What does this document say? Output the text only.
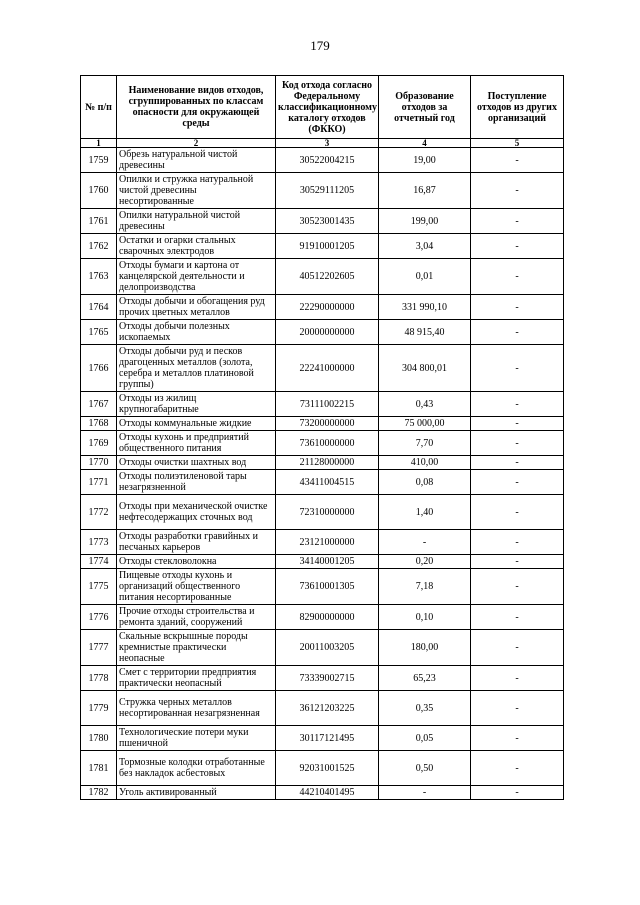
179
№ п/п	Наименование видов отходов, сгруппированных по классам опасности для окружающей среды	Код отхода согласно Федеральному классификационному каталогу отходов (ФККО)	Образование отходов за отчетный год	Поступление отходов из других организаций
1	2	3	4	5
1759	Обрезь натуральной чистой древесины	30522004215	19,00	-
1760	Опилки и стружка натуральной чистой древесины несортированные	30529111205	16,87	-
1761	Опилки натуральной чистой древесины	30523001435	199,00	-
1762	Остатки и огарки стальных сварочных электродов	91910001205	3,04	-
1763	Отходы бумаги и картона от канцелярской деятельности и делопроизводства	40512202605	0,01	-
1764	Отходы добычи и обогащения руд прочих цветных металлов	22290000000	331 990,10	-
1765	Отходы добычи полезных ископаемых	20000000000	48 915,40	-
1766	Отходы добычи руд и песков драгоценных металлов (золота, серебра и металлов платиновой группы)	22241000000	304 800,01	-
1767	Отходы из жилищ крупногабаритные	73111002215	0,43	-
1768	Отходы коммунальные жидкие	73200000000	75 000,00	-
1769	Отходы кухонь и предприятий общественного питания	73610000000	7,70	-
1770	Отходы очистки шахтных вод	21128000000	410,00	-
1771	Отходы полиэтиленовой тары незагрязненной	43411004515	0,08	-
1772	Отходы при механической очистке нефтесодержащих сточных вод	72310000000	1,40	-
1773	Отходы разработки гравийных и песчаных карьеров	23121000000	-	-
1774	Отходы стекловолокна	34140001205	0,20	-
1775	Пищевые отходы кухонь и организаций общественного питания несортированные	73610001305	7,18	-
1776	Прочие отходы строительства и ремонта зданий, сооружений	82900000000	0,10	-
1777	Скальные вскрышные породы кремнистые практически неопасные	20011003205	180,00	-
1778	Смет с территории предприятия практически неопасный	73339002715	65,23	-
1779	Стружка черных металлов несортированная незагрязненная	36121203225	0,35	-
1780	Технологические потери муки пшеничной	30117121495	0,05	-
1781	Тормозные колодки отработанные без накладок асбестовых	92031001525	0,50	-
1782	Уголь активированный	44210401495	-	-
